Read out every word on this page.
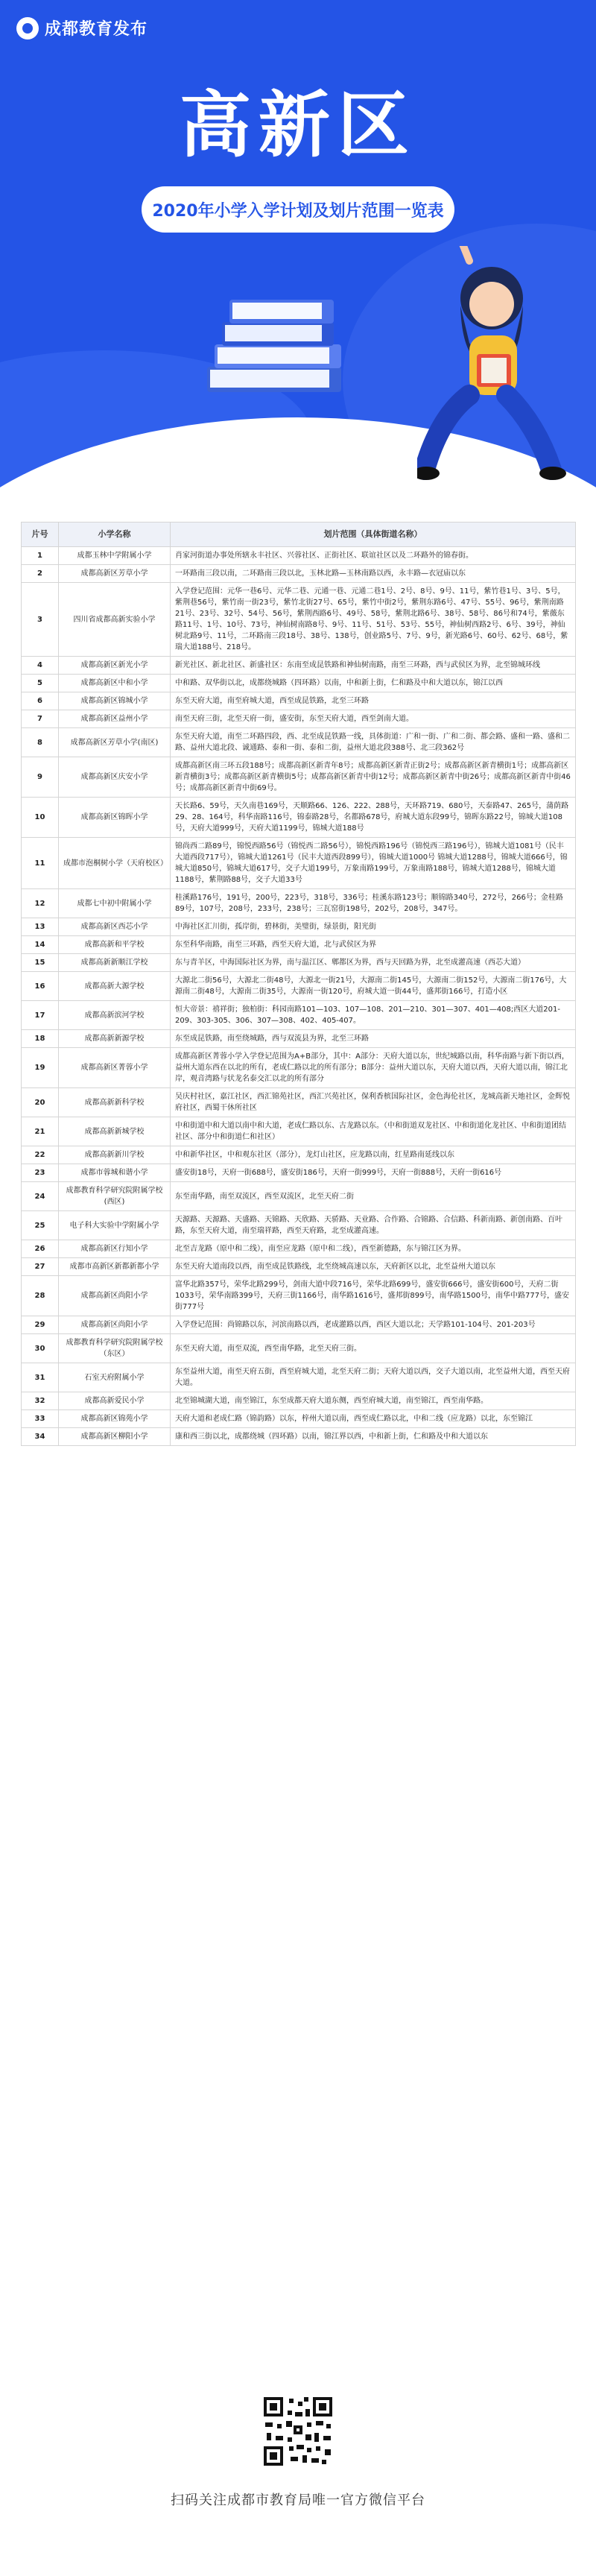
成都教育发布
高新区
2020年小学入学计划及划片范围一览表
片号	小学名称	划片范围（具体街道名称）
1	成都玉林中学附属小学	肖家河街道办事处所辖永丰社区、兴蓉社区、正街社区、联谊社区以及二环路外的锦春街。
2	成都高新区芳草小学	一环路南三段以南，二环路南三段以北，玉林北路—玉林南路以西，永丰路—衣冠庙以东
3	四川省成都高新实验小学	入学登记范围：元华一巷6号、元华二巷、元通一巷、元通二巷1号、2号、8号、9号、11号，紫竹巷1号、3号、5号，紫荆巷56号，紫竹南一街23号，紫竹北街27号、65号，紫竹中街2号，紫荆东路6号、47号、55号、96号，紫荆南路21号、23号、32号、54号、56号，紫荆西路6号、49号、58号，紫荆北路6号、38号、58号、86号和74号，紫薇东路11号、1号、10号、73号，神仙树南路8号、9号、11号、51号、53号、55号，神仙树西路2号、6号、39号，神仙树北路9号、11号，二环路南三段18号、38号、138号，创业路5号、7号、9号，新光路6号、60号、62号、68号，紫瑞大道188号、218号。
4	成都高新区新光小学	新光社区、新北社区、新盛社区：东南至成昆铁路和神仙树南路，南至三环路，西与武侯区为界，北至锦城环线
5	成都高新区中和小学	中和路、双华街以北，成都绕城路（四环路）以南，中和新上街，仁和路及中和大道以东，锦江以西
6	成都高新区锦城小学	东至天府大道，南至府城大道，西至成昆铁路，北至三环路
7	成都高新区益州小学	南至天府三街，北至天府一街，盛安街，东至天府大道，西至剑南大道。
8	成都高新区芳草小学(南区)	东至天府大道，南至二环路四段，西、北至成昆铁路一线，具体街道：广和一街、广和二街、都会路、盛和一路、盛和二路、益州大道北段、诚通路、泰和一街、泰和二街，益州大道北段388号、北三段362号
9	成都高新区庆安小学	成都高新区南三环五段188号；成都高新区新青年8号；成都高新区新青正街2号；成都高新区新青横街1号；成都高新区新青横街3号；成都高新区新青横街5号；成都高新区新青中街12号；成都高新区新青中街26号；成都高新区新青中街46号；成都高新区新青中街69号。
10	成都高新区锦晖小学	天长路6、59号，天久南巷169号，天顺路66、126、222、288号，天环路719、680号，天泰路47、265号，蒲荫路29、28、164号，科华南路116号，锦泰路28号，名都路678号，府城大道东段99号，锦晖东路22号，锦城大道108号，天府大道999号，天府大道1199号，锦城大道188号
11	成都市泡桐树小学（天府校区）	锦尚西二路89号，锦悦西路56号（锦悦西二路56号），锦悦西路196号（锦悦西三路196号），锦城大道1081号（民丰大道西段717号），锦城大道1261号（民丰大道西段899号），锦城大道1000号 锦城大道1288号，锦城大道666号，锦城大道850号，锦城大道617号，交子大道199号，万象南路199号，万象南路188号，锦城大道1288号，锦城大道1188号，紫荆路88号，交子大道33号
12	成都七中初中附属小学	桂溪路176号，191号，200号，223号，318号，336号；桂溪东路123号；顺锦路340号，272号，266号；金桂路89号，107号，208号，233号，238号；三瓦窑街198号，202号，208号，347号。
13	成都高新区西芯小学	中海社区汇川街，孤岸街，碧林街，美璧街，绿景街，阳光街
14	成都高新和平学校	东至科华南路，南至三环路，西至天府大道，北与武侯区为界
15	成都高新新顺江学校	东与青羊区，中海国际社区为界，南与温江区、郫都区为界，西与天回路为界，北至成灌高速（西芯大道）
16	成都高新大源学校	大源北二街56号，大源北二街48号，大源北一街21号，大源南二街145号，大源南二街152号，大源南二街176号，大源南二街48号，大源南二街35号，大源南一街120号，府城大道一街44号，盛邦街166号，打造小区
17	成都高新滨河学校	恒大帝景：禧祥街；独柏街：科园南路101—103、107—108、201—210、301—307、401—408;西区大道201-209、303-305、306、307—308、402、405-407。
18	成都高新新源学校	东至成昆铁路，南至绕城路，西与双流县为界，北至三环路
19	成都高新区菁蓉小学	成都高新区菁蓉小学入学登记范围为A+B部分，其中：A部分：天府大道以东，世纪城路以南，科华南路与新下街以西，益州大道东西在以北的所有，老成仁路以北的所有部分；B部分：益州大道以东，天府大道以西，天府大道以南，锦江北岸，观音湾路与状龙名泰交汇以北的所有部分
20	成都高新新科学校	吴庆村社区，嘉江社区，西汇锦苑社区，西汇兴苑社区，保利香槟国际社区，金色海伦社区，龙城高新天地社区，金辉悦府社区，西蜀干休所社区
21	成都高新新城学校	中和街道中和大道以南中和大道，老成仁路以东、古龙路以东。（中和街道双龙社区、中和街道化龙社区、中和街道团结社区、部分中和街道仁和社区）
22	成都高新新川学校	中和新华社区，中和观东社区（部分），龙灯山社区，应龙路以南，红星路南延线以东
23	成都市蓉城和谐小学	盛安街18号，天府一街688号，盛安街186号，天府一街999号，天府一街888号，天府一街616号
24	成都教育科学研究院附属学校(西区)	东至南华路，南至双流区，西至双流区，北至天府二街
25	电子科大实验中学附属小学	天源路、天源路、天盛路、天锦路、天欣路、天骄路、天业路、合作路、合锦路、合信路、科新南路、新创南路、百叶路，东至天府大道，南至瑞祥路，西至天府路，北至成灌高速。
26	成都高新区行知小学	北至吉龙路（原中和二线），南至应龙路（原中和二线），西至新德路，东与锦江区为界。
27	成都市高新区新都新都小学	东至天府大道南段以西，南至成昆铁路线，北至绕城高速以东，天府新区以北，北至益州大道以东
28	成都高新区尚阳小学	富华北路357号，荣华北路299号，剑南大道中段716号，荣华北路699号，盛安街666号，盛安街600号，天府二街1033号，荣华南路399号，天府三街1166号，南华路1616号，盛邦街899号，南华路1500号，南华中路777号，盛安街777号
29	成都高新区尚阳小学	入学登记范围：尚锦路以东，河滨南路以西，老成灌路以西，西区大道以北；天学路101-104号、201-203号
30	成都教育科学研究院附属学校（东区）	东至天府大道，南至双流，西至南华路，北至天府三街。
31	石室天府附属小学	东至益州大道，南至天府五街，西至府城大道，北至天府二街；天府大道以西，交子大道以南，北至益州大道，西至天府大道。
32	成都高新爱民小学	北至锦城湖大道，南至锦江，东至成都天府大道东侧，西至府城大道，南至锦江，西至南华路。
33	成都高新区锦苑小学	天府大道和老成仁路（锦韵路）以东，梓州大道以南，西至成仁路以北，中和二线（应龙路）以北，东至锦江
34	成都高新区柳阳小学	康和西三街以北，成都绕城（四环路）以南，锦江界以西，中和新上街，仁和路及中和大道以东
扫码关注成都市教育局唯一官方微信平台
